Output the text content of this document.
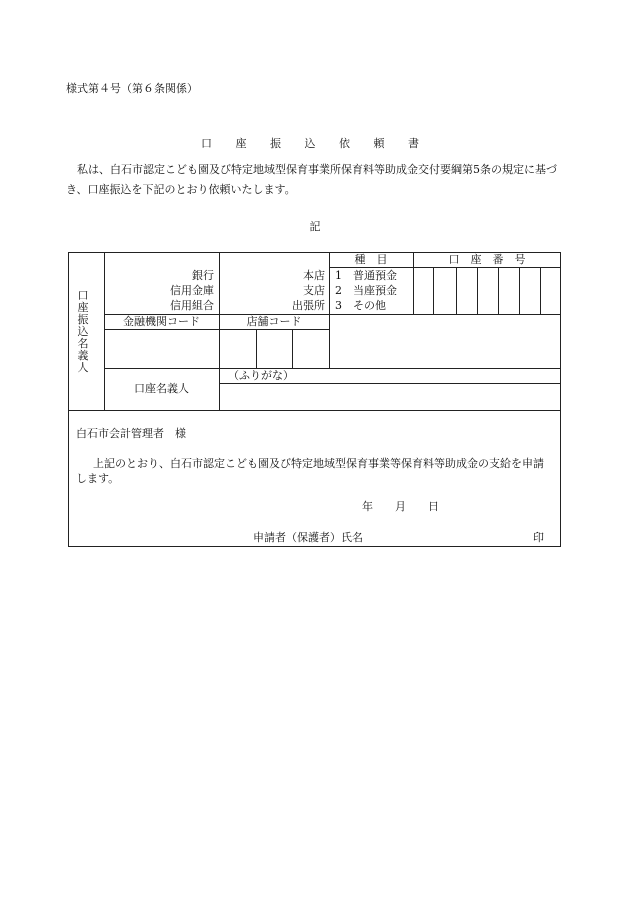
様式第４号（第６条関係）
口 座 振 込 依 頼 書
私は、白石市認定こども園及び特定地域型保育事業所保育料等助成金交付要綱第5条の規定に基づき、口座振込を下記のとおり依頼いたします。
記
口
座
振
込
名
義
人
銀行
信用金庫
信用組合
本店
支店
出張所
種　目
1　普通預金
2　当座預金
3　その他
口　座　番　号
金融機関コード	店舗コード
（ふりがな）
口座名義人
白石市会計管理者　様
上記のとおり、白石市認定こども園及び特定地域型保育事業等保育料等助成金の支給を申請します。
年　　月　　日
申請者（保護者）氏名	印
